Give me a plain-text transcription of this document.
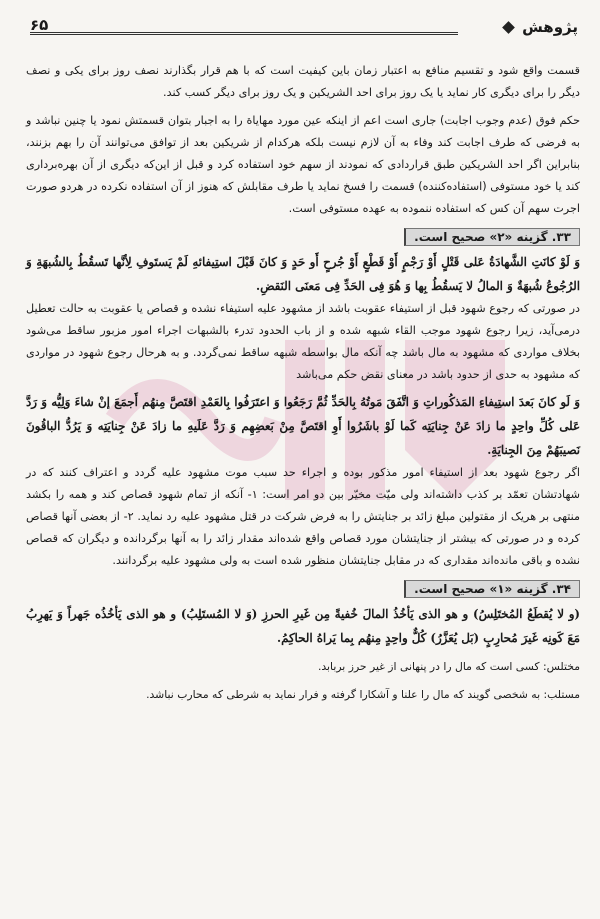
پژوهش
۶۵

قسمت واقع شود و تقسیم منافع به اعتبار زمان باین کیفیت است که با هم قرار بگذارند نصف روز برای یکی و نصف دیگر را برای دیگری کار نماید یا یک روز برای احد الشریکین و یک روز برای دیگر کسب کند.

حکم فوق (عدم وجوب اجابت) جاری است اعم از اینکه عین مورد مهایاة را به اجبار بتوان قسمتش نمود یا چنین نباشد و به فرضی که طرف اجابت کند وفاء به آن لازم نیست بلکه هرکدام از شریکین بعد از توافق می‌توانند آن را بهم بزنند، بنابراین اگر احد الشریکین طبق قراردادی که نمودند از سهم خود استفاده کرد و قبل از این‌که دیگری از آن بهره‌برداری کند یا خود مستوفی (استفاده‌کننده) قسمت را فسخ نماید یا طرف مقابلش که هنوز از آن استفاده نکرده در هردو صورت اجرت سهم آن کس که استفاده ننموده به عهده مستوفی است.

۳۳. گزینه «۲» صحیح است.

وَ لَوْ کانَتِ الشَّهادَةُ عَلى قَتْلٍ أَوْ رَجْمٍ أَوْ قَطْعٍ أَوْ جُرحٍ أَو حَدٍ وَ کانَ قَبْلَ استِیفائهِ لَمْ یَستَوفِ لِأنَّها تَسقُطُ بِالشُبهَةِ وَ الرُجُوعُ شُبهَةٌ وَ المالُ لا یَسقُطُ بِها وَ هُوَ فِى الحَدِّ فِى مَعنَى النَقضِ.

در صورتی که رجوع شهود قبل از استیفاء عقوبت باشد از مشهود علیه استیفاء نشده و قصاص یا عقوبت به حالت تعطیل درمی‌آید، زیرا رجوع شهود موجب القاء شبهه شده و از باب الحدود تدرء بالشبهات اجراء امور مزبور ساقط می‌شود بخلاف مواردی که مشهود به مال باشد چه آنکه مال بواسطه شبهه ساقط نمی‌گردد. و به هرحال رجوع شهود در مواردی که مشهود به حدی از حدود باشد در معنای نقض حکم می‌باشد

وَ لَو کانَ بَعدَ استِیفاءِ المَذکُوراتِ وَ اتَّفَقَ مَوتُهُ بِالحَدِّ ثُمَّ رَجَعُوا وَ اعتَرَفُوا بِالعَمْدِ اقتَصَّ مِنهُم أَجمَعَ إنْ شاءَ وَلِیُّه وَ رَدَّ عَلى کُلِّ واحِدٍ ما زادَ عَنْ جِنایَتِه کَما لَوْ باشَرُوا أَوِ اقتَصَّ مِنْ بَعضِهِم وَ رَدَّ عَلَیهِ ما زادَ عَنْ جِنایَتِه وَ یَرُدُّ الباقُونَ نَصیبَهُمْ مِنَ الجِنایَةِ.

اگر رجوع شهود بعد از استیفاء امور مذکور بوده و اجراء حد سبب موت مشهود علیه گردد و اعتراف کنند که در شهادتشان تعمّد بر کذب داشته‌اند ولی میّت مخیّر بین دو امر است: ۱- آنکه از تمام شهود قصاص کند و همه را بکشد منتهی بر هریک از مقتولین مبلغ زائد بر جنایتش را به فرض شرکت در قتل مشهود علیه رد نماید. ۲- از بعضی آنها قصاص کرده و در صورتی که بیشتر از جنایتشان مورد قصاص واقع شده‌اند مقدار زائد را به آنها برگردانده و دیگران که قصاص نشده و باقی مانده‌اند مقداری که در مقابل جنایتشان منظور شده است به ولی مشهود علیه برگردانند.

۳۴. گزینه «۱» صحیح است.

(و لا یُقطَعُ المُختَلِسُ) و هو الذی یَأخُذُ المالَ خُفیةً مِن غَیرِ الحرزِ (وَ لا المُستَلِبُ) و هو الذی یَأخُذُه جَهراً وَ یَهرِبُ مَعَ کَونِه غَیرَ مُحارِبٍ (بَل یُعَزَّرُ) کُلٌّ واحِدٍ مِنهُم بِما یَراهُ الحاکِمُ.

مختلس: کسی است که مال را در پنهانی از غیر حرز بربابد.

مستلب: به شخصی گویند که مال را علنا و آشکارا گرفته و فرار نماید به شرطی که محارب نباشد.
